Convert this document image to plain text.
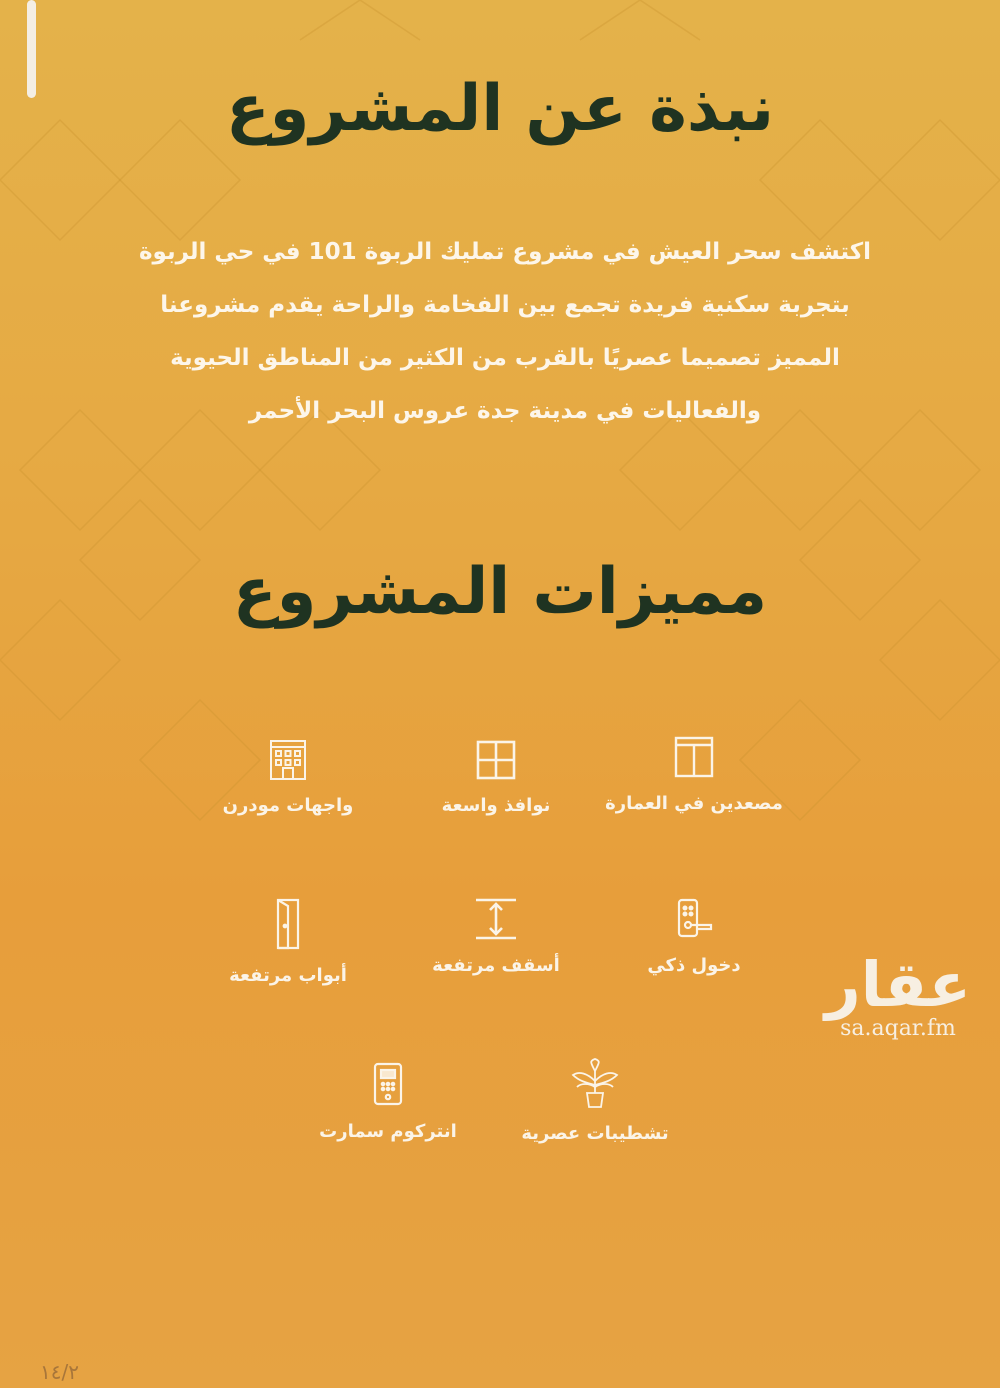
نبذة عن المشروع
اكتشف سحر العيش في مشروع تمليك الربوة 101 في حي الربوة
بتجربة سكنية فريدة تجمع بين الفخامة والراحة يقدم مشروعنا
المميز تصميما عصريًا بالقرب من الكثير من المناطق الحيوية
والفعاليات في مدينة جدة عروس البحر الأحمر
مميزات المشروع
مصعدين في العمارة
نوافذ واسعة
واجهات مودرن
دخول ذكي
أسقف مرتفعة
أبواب مرتفعة
تشطيبات عصرية
انتركوم سمارت
عقار
sa.aqar.fm
١٤/٢
